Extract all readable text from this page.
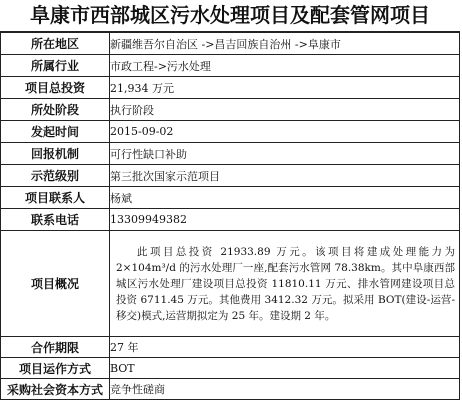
阜康市西部城区污水处理项目及配套管网项目
所在地区	新疆维吾尔自治区 ->昌吉回族自治州 ->阜康市
所属行业	市政工程->污水处理
项目总投资	21,934 万元
所处阶段	执行阶段
发起时间	2015-09-02
回报机制	可行性缺口补助
示范级别	第三批次国家示范项目
项目联系人	杨斌
联系电话	13309949382
项目概况	此项目总投资 21933.89 万元。该项目将建成处理能力为 2×104m³/d 的污水处理厂一座,配套污水管网 78.38km。其中阜康西部城区污水处理厂建设项目总投资 11810.11 万元、排水管网建设项目总投资 6711.45 万元。其他费用 3412.32 万元。拟采用 BOT(建设-运营-移交)模式,运营期拟定为 25 年。建设期 2 年。

合作期限	27 年
项目运作方式	BOT
采购社会资本方式	竞争性磋商
